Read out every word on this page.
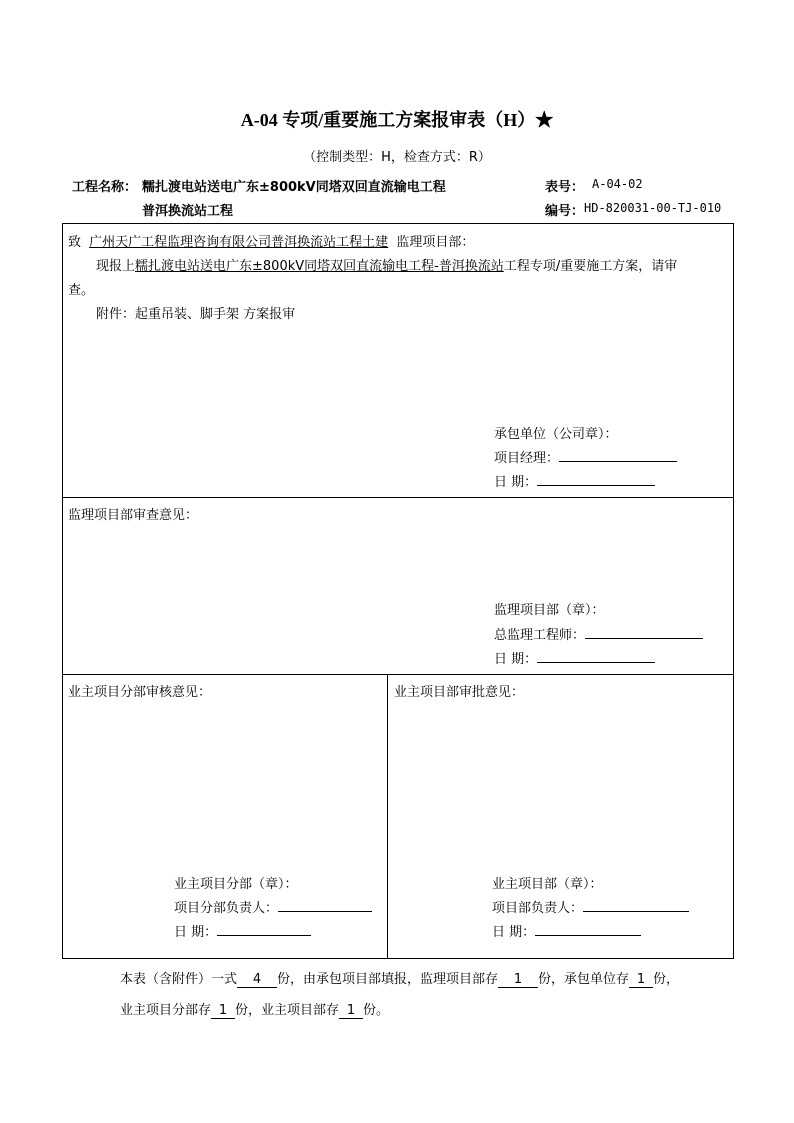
A-04 专项/重要施工方案报审表（H）★
（控制类型：H，检查方式：R）
工程名称： 糯扎渡电站送电广东±800kV同塔双回直流输电工程
普洱换流站工程
表号： A-04-02
编号： HD-820031-00-TJ-010
致 广州天广工程监理咨询有限公司普洱换流站工程土建 监理项目部：
现报上糯扎渡电站送电广东±800kV同塔双回直流输电工程-普洱换流站工程专项/重要施工方案，请审
查。
附件：起重吊装、脚手架 方案报审
承包单位（公司章）：
项目经理：
日 期：
监理项目部审查意见：
监理项目部（章）：
总监理工程师：
日 期：
业主项目分部审核意见：
业主项目分部（章）：
项目分部负责人：
日 期：
业主项目部审批意见：
业主项目部（章）：
项目部负责人：
日 期：
本表（含附件）一式 4 份，由承包项目部填报，监理项目部存 1 份，承包单位存 1 份，
业主项目分部存 1 份，业主项目部存 1 份。
